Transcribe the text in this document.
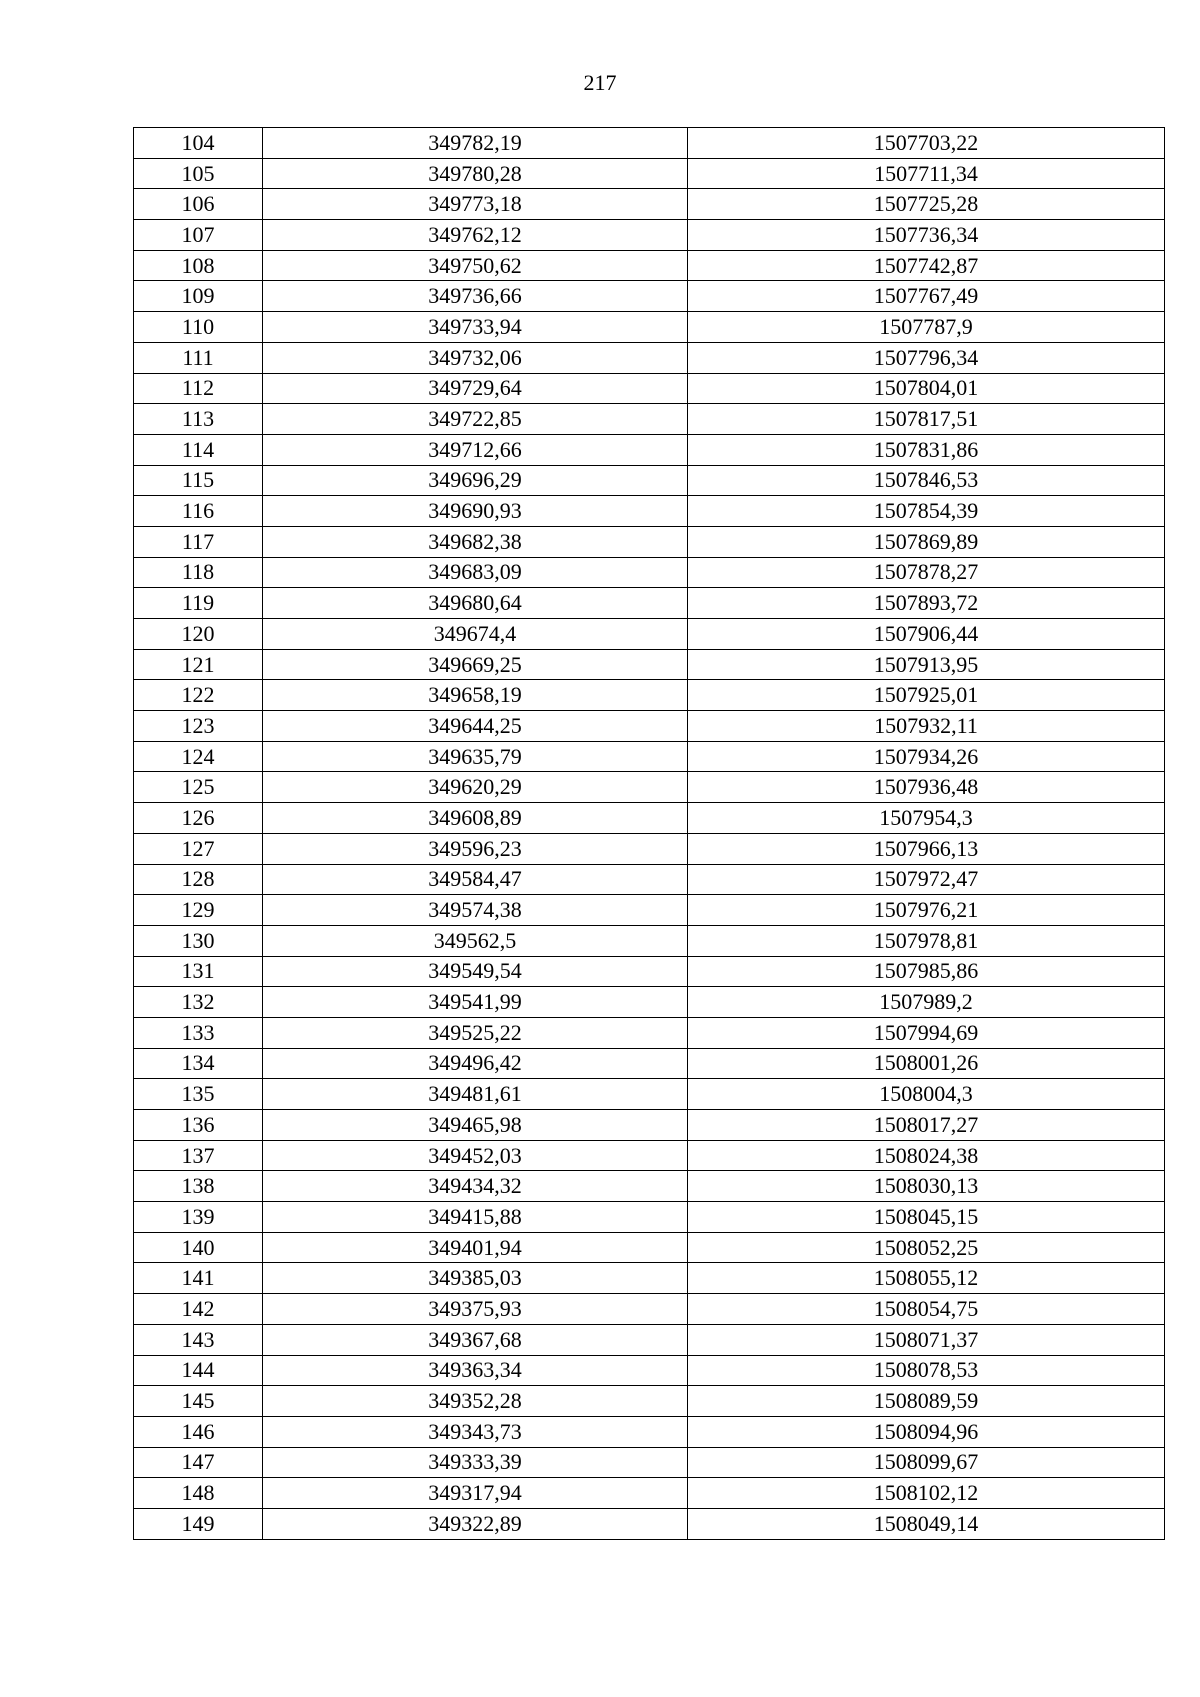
217
104	349782,19	1507703,22
105	349780,28	1507711,34
106	349773,18	1507725,28
107	349762,12	1507736,34
108	349750,62	1507742,87
109	349736,66	1507767,49
110	349733,94	1507787,9
111	349732,06	1507796,34
112	349729,64	1507804,01
113	349722,85	1507817,51
114	349712,66	1507831,86
115	349696,29	1507846,53
116	349690,93	1507854,39
117	349682,38	1507869,89
118	349683,09	1507878,27
119	349680,64	1507893,72
120	349674,4	1507906,44
121	349669,25	1507913,95
122	349658,19	1507925,01
123	349644,25	1507932,11
124	349635,79	1507934,26
125	349620,29	1507936,48
126	349608,89	1507954,3
127	349596,23	1507966,13
128	349584,47	1507972,47
129	349574,38	1507976,21
130	349562,5	1507978,81
131	349549,54	1507985,86
132	349541,99	1507989,2
133	349525,22	1507994,69
134	349496,42	1508001,26
135	349481,61	1508004,3
136	349465,98	1508017,27
137	349452,03	1508024,38
138	349434,32	1508030,13
139	349415,88	1508045,15
140	349401,94	1508052,25
141	349385,03	1508055,12
142	349375,93	1508054,75
143	349367,68	1508071,37
144	349363,34	1508078,53
145	349352,28	1508089,59
146	349343,73	1508094,96
147	349333,39	1508099,67
148	349317,94	1508102,12
149	349322,89	1508049,14
